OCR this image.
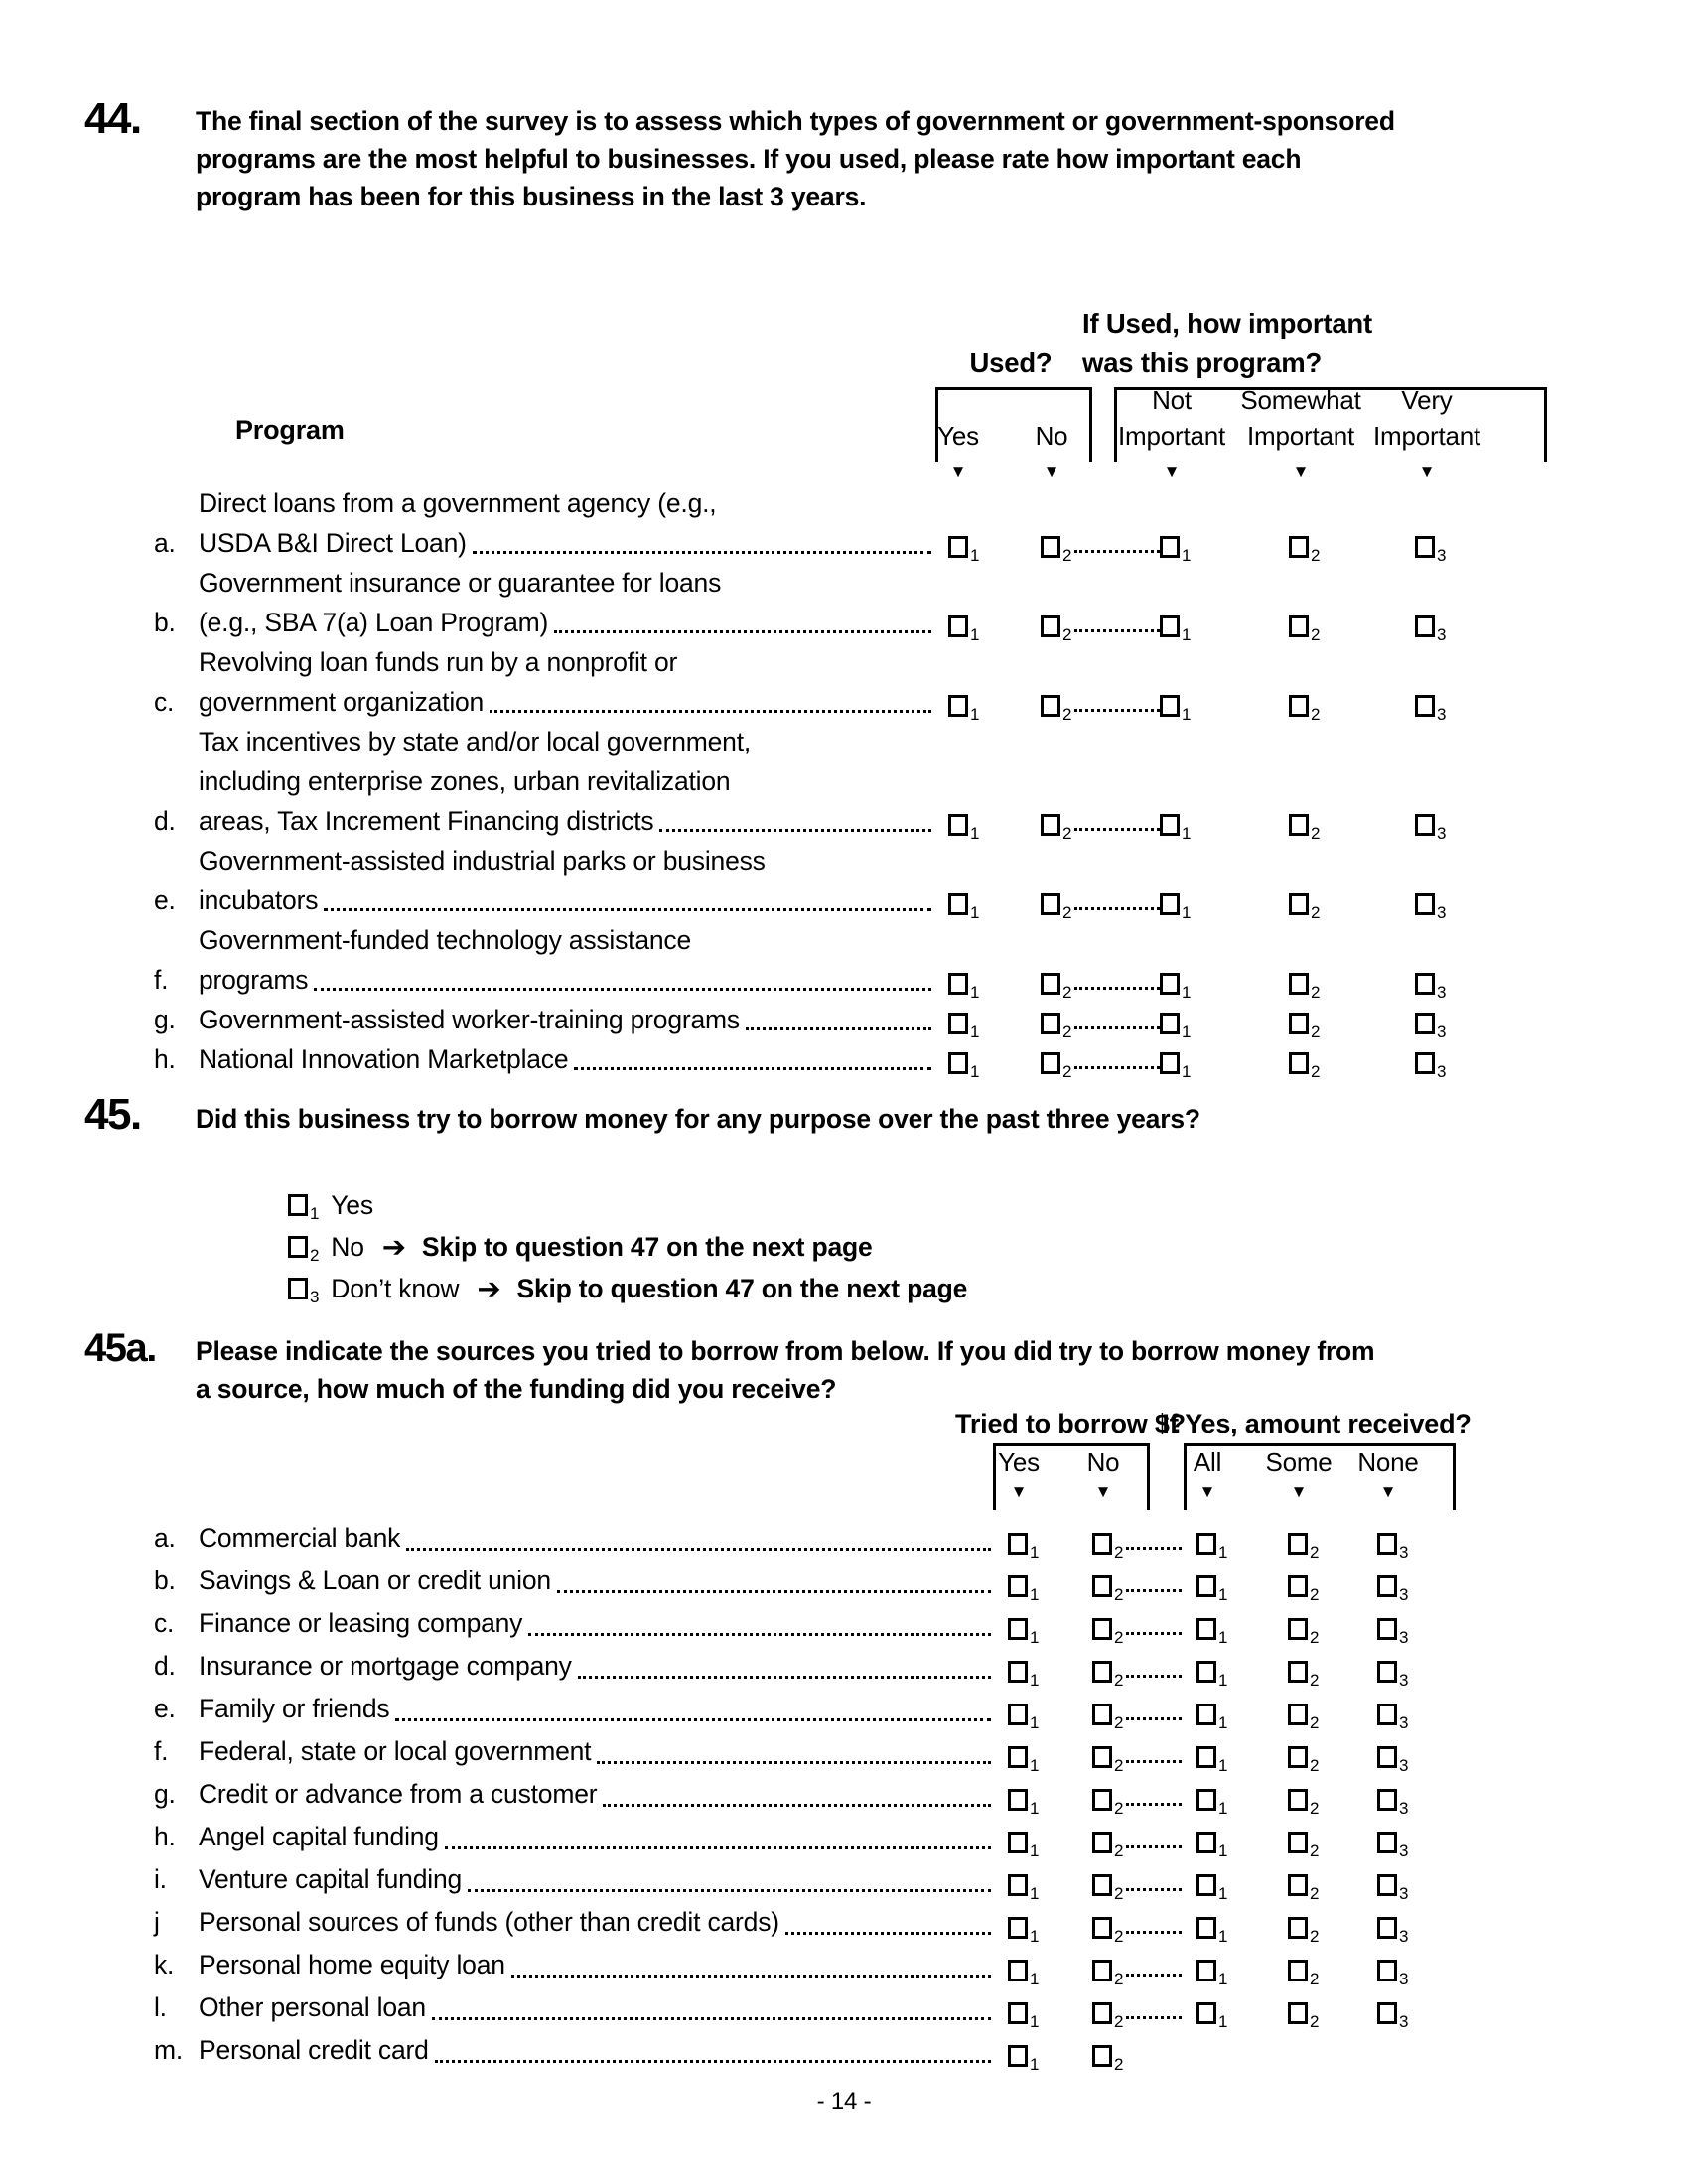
44. The final section of the survey is to assess which types of government or government-sponsored
programs are the most helpful to businesses. If you used, please rate how important each
program has been for this business in the last 3 years.
If Used, how important
was this program?
Used?
Program	Yes No
Not
Important
Somewhat
Important
Very
Important
▼	▼	▼	▼	▼
a.
Direct loans from a government agency (e.g.,
USDA B&I Direct Loan)	1	2	1	2	3
b.
Government insurance or guarantee for loans
(e.g., SBA 7(a) Loan Program)	1	2	1	2	3
c.
Revolving loan funds run by a nonprofit or
government organization	1	2	1	2	3
d.
Tax incentives by state and/or local government,
including enterprise zones, urban revitalization
areas, Tax Increment Financing districts	1	2	1	2	3
e.
Government-assisted industrial parks or business
incubators	1	2	1	2	3
f.
Government-funded technology assistance
programs	1	2	1	2	3
g. Government-assisted worker-training programs	1	2	1	2	3
h. National Innovation Marketplace	1	2	1	2	3
45. Did this business try to borrow money for any purpose over the past three years?
1 Yes
2 No ➔ Skip to question 47 on the next page
3 Don’t know ➔ Skip to question 47 on the next page
45a. Please indicate the sources you tried to borrow from below. If you did try to borrow money from
a source, how much of the funding did you receive?
Tried to borrow $?
If Yes, amount received?
Yes No	All Some None
▼	▼	▼	▼	▼
a. Commercial bank	1	2	1	2	3
b. Savings & Loan or credit union	1	2	1	2	3
c. Finance or leasing company	1	2	1	2	3
d. Insurance or mortgage company	1	2	1	2	3
e. Family or friends	1	2	1	2	3
f.	Federal, state or local government	1	2	1	2	3
g. Credit or advance from a customer	1	2	1	2	3
h. Angel capital funding	1	2	1	2	3
i.	Venture capital funding	1	2	1	2	3
j	Personal sources of funds (other than credit cards)	1	2	1	2	3
k. Personal home equity loan	1	2	1	2	3
l.	Other personal loan	1	2	1	2	3
m. Personal credit card	1	2
- 14 -
